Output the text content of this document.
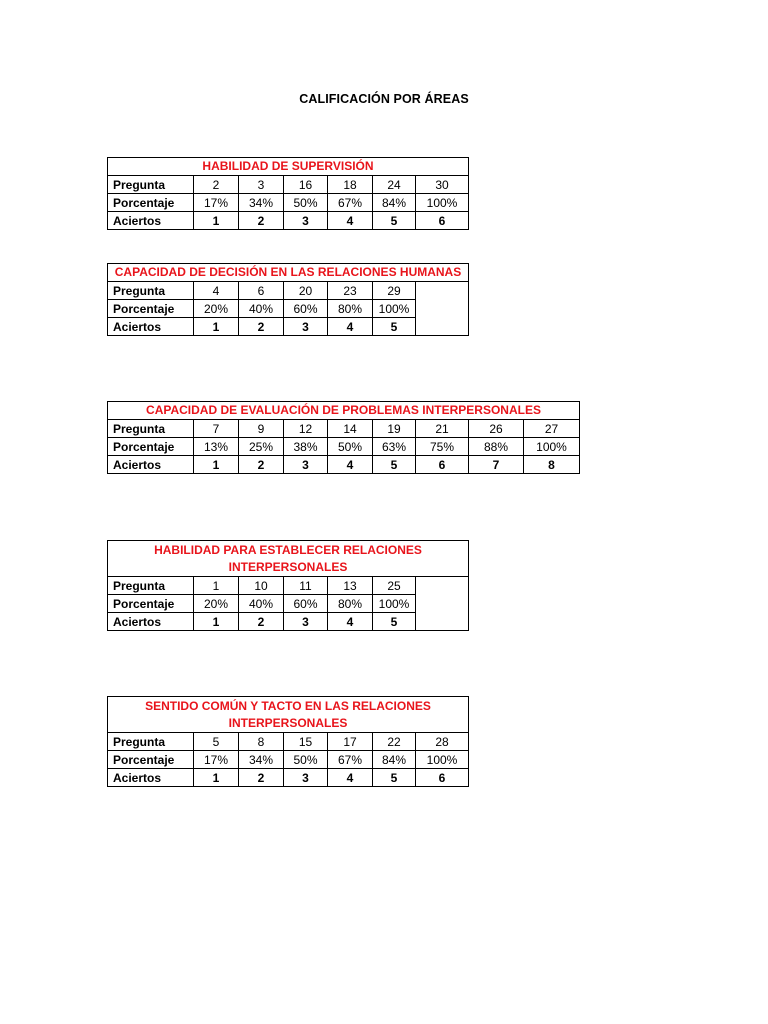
CALIFICACIÓN POR ÁREAS
HABILIDAD DE SUPERVISIÓN						
Pregunta	2	3	16	18	24	30
Porcentaje	17%	34%	50%	67%	84%	100%
Aciertos	1	2	3	4	5	6
CAPACIDAD DE DECISIÓN EN LAS RELACIONES HUMANAS						
Pregunta	4	6	20	23	29	
Porcentaje	20%	40%	60%	80%	100%	
Aciertos	1	2	3	4	5	
CAPACIDAD DE EVALUACIÓN DE PROBLEMAS INTERPERSONALES								
Pregunta	7	9	12	14	19	21	26	27
Porcentaje	13%	25%	38%	50%	63%	75%	88%	100%
Aciertos	1	2	3	4	5	6	7	8
HABILIDAD PARA ESTABLECER RELACIONES
INTERPERSONALES						
Pregunta	1	10	11	13	25	
Porcentaje	20%	40%	60%	80%	100%	
Aciertos	1	2	3	4	5	
SENTIDO COMÚN Y TACTO EN LAS RELACIONES
INTERPERSONALES						
Pregunta	5	8	15	17	22	28
Porcentaje	17%	34%	50%	67%	84%	100%
Aciertos	1	2	3	4	5	6
